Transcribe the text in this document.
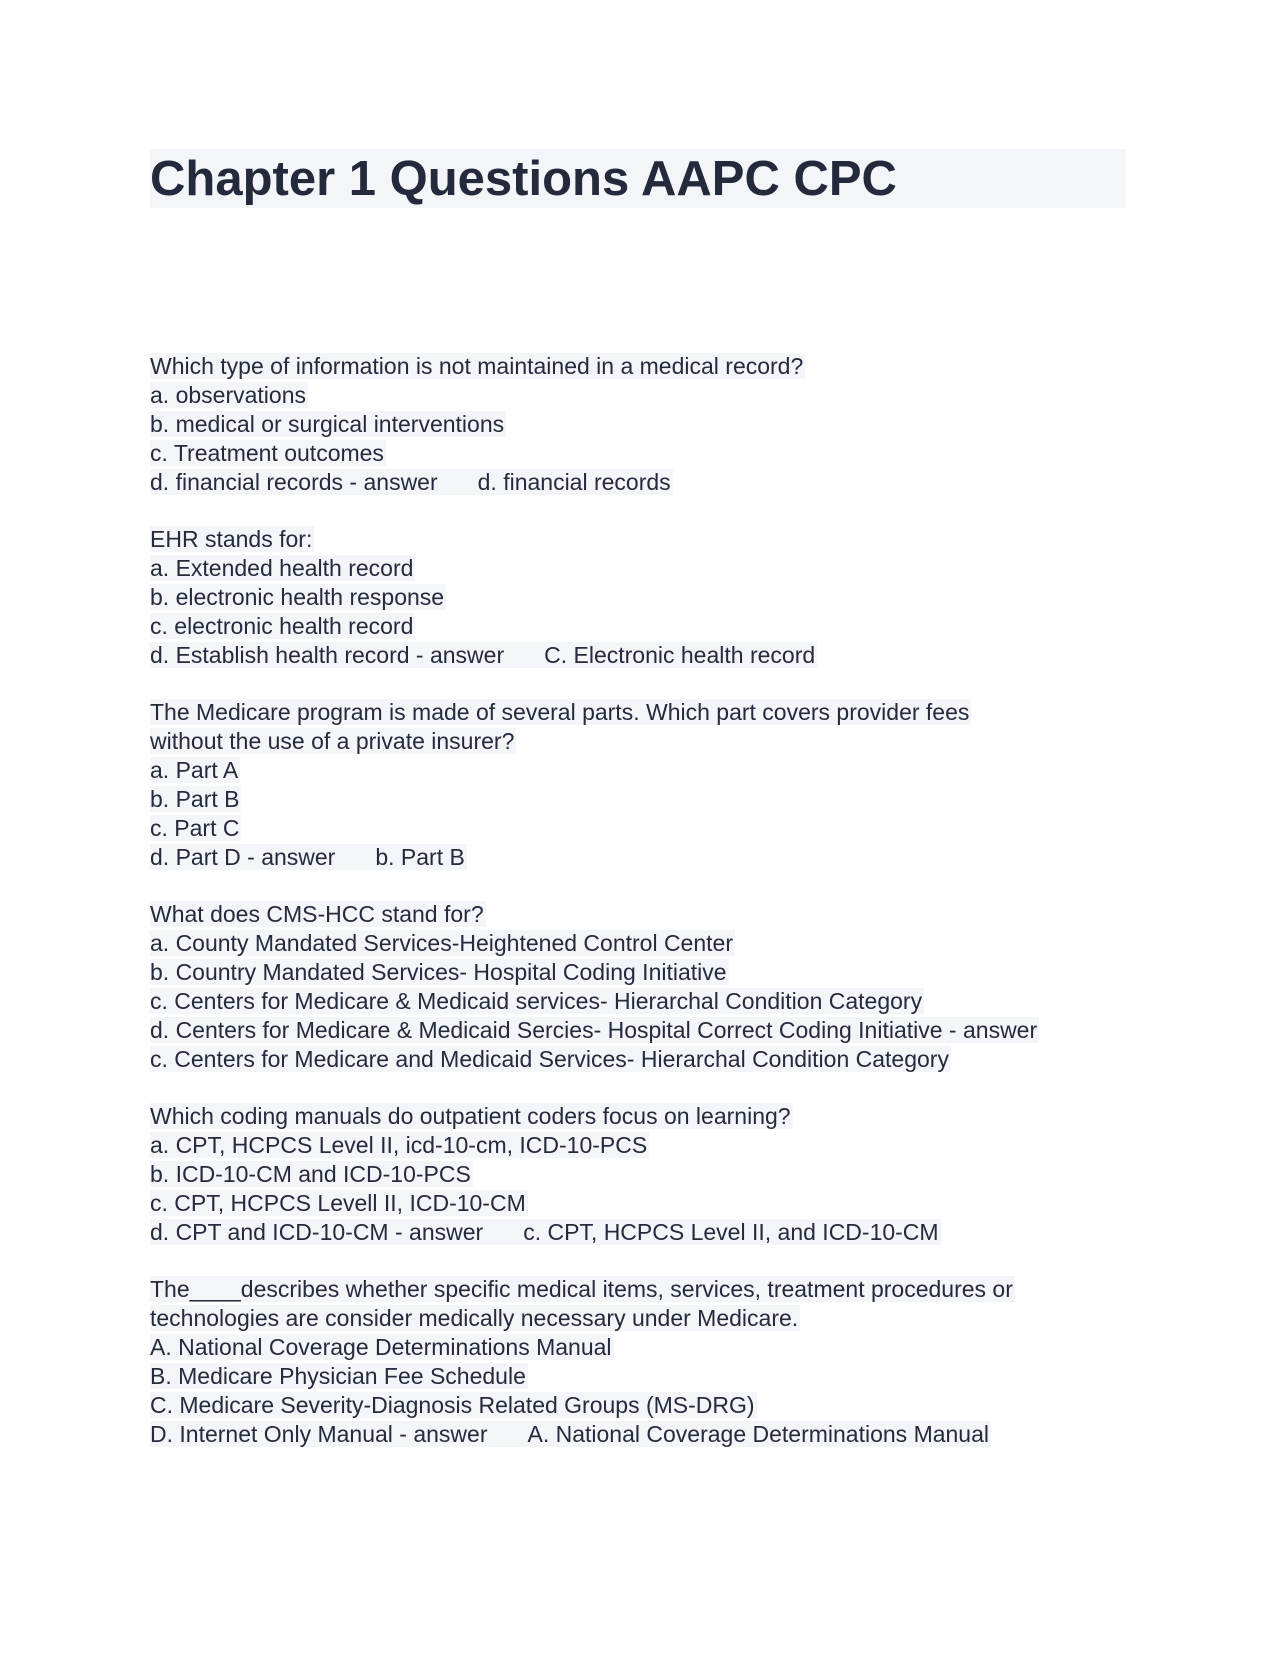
Chapter 1 Questions AAPC CPC
Which type of information is not maintained in a medical record?
a. observations
b. medical or surgical interventions
c. Treatment outcomes
d. financial records - answer d. financial records
EHR stands for:
a. Extended health record
b. electronic health response
c. electronic health record
d. Establish health record - answer C. Electronic health record
The Medicare program is made of several parts. Which part covers provider fees
without the use of a private insurer?
a. Part A
b. Part B
c. Part C
d. Part D - answer b. Part B
What does CMS-HCC stand for?
a. County Mandated Services-Heightened Control Center
b. Country Mandated Services- Hospital Coding Initiative
c. Centers for Medicare & Medicaid services- Hierarchal Condition Category
d. Centers for Medicare & Medicaid Sercies- Hospital Correct Coding Initiative - answer
c. Centers for Medicare and Medicaid Services- Hierarchal Condition Category
Which coding manuals do outpatient coders focus on learning?
a. CPT, HCPCS Level II, icd-10-cm, ICD-10-PCS
b. ICD-10-CM and ICD-10-PCS
c. CPT, HCPCS Levell II, ICD-10-CM
d. CPT and ICD-10-CM - answer c. CPT, HCPCS Level II, and ICD-10-CM
The____describes whether specific medical items, services, treatment procedures or
technologies are consider medically necessary under Medicare.
A. National Coverage Determinations Manual
B. Medicare Physician Fee Schedule
C. Medicare Severity-Diagnosis Related Groups (MS-DRG)
D. Internet Only Manual - answer A. National Coverage Determinations Manual
